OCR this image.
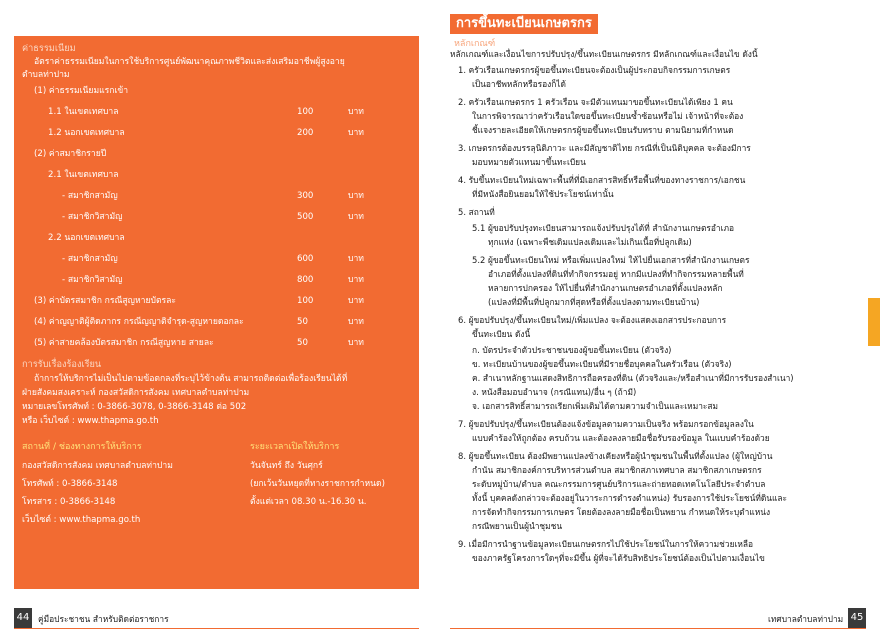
ค่าธรรมเนียม
อัตราค่าธรรมเนียมในการใช้บริการศูนย์พัฒนาคุณภาพชีวิตและส่งเสริมอาชีพผู้สูงอายุ
ตำบลท่าปาม
(1) ค่าธรรมเนียมแรกเข้า
1.1 ในเขตเทศบาล	100	บาท
1.2 นอกเขตเทศบาล	200	บาท
(2) ค่าสมาชิกรายปี
2.1 ในเขตเทศบาล
- สมาชิกสามัญ	300	บาท
- สมาชิกวิสามัญ	500	บาท
2.2 นอกเขตเทศบาล
- สมาชิกสามัญ	600	บาท
- สมาชิกวิสามัญ	800	บาท
(3) ค่าบัตรสมาชิก กรณีสูญหายบัตรละ	100	บาท
(4) ค่าญญาติผู้ติดภากร กรณีญญาติจำรุด-สูญหายดอกละ	50	บาท
(5) ค่าสายคล้องบัตรสมาชิก กรณีสูญหาย สายละ	50	บาท
การรับเรื่องร้องเรียน
ถ้าการให้บริการไม่เป็นไปตามข้อตกลงที่ระบุไว้ข้างต้น สามารถติดต่อเพื่อร้องเรียนได้ที่
ฝ่ายสังคมสงเคราะห์ กองสวัสดิการสังคม เทศบาลตำบลท่าปาม
หมายเลขโทรศัพท์ : 0-3866-3078, 0-3866-3148 ต่อ 502
หรือ เว็บไซต์ : www.thapma.go.th
สถานที่ / ช่องทางการให้บริการ
กองสวัสดิการสังคม เทศบาลตำบลท่าปาม
โทรศัพท์ : 0-3866-3148
โทรสาร : 0-3866-3148
เว็บไซต์ : www.thapma.go.th
ระยะเวลาเปิดให้บริการ
วันจันทร์ ถึง วันศุกร์
(ยกเว้นวันหยุดที่ทางราชการกำหนด)
ตั้งแต่เวลา 08.30 น.-16.30 น.
การขึ้นทะเบียนเกษตรกร
หลักเกณฑ์
หลักเกณฑ์และเงื่อนไขการปรับปรุง/ขึ้นทะเบียนเกษตรกร มีหลักเกณฑ์และเงื่อนไข ดังนี้
1. ครัวเรือนเกษตรกรผู้ขอขึ้นทะเบียนจะต้องเป็นผู้ประกอบกิจกรรมการเกษตร
เป็นอาชีพหลักหรือรองก็ได้
2. ครัวเรือนเกษตรกร 1 ครัวเรือน จะมีตัวแทนมาขอขึ้นทะเบียนได้เพียง 1 คน
ในการพิจารณาว่าครัวเรือนใดขอขึ้นทะเบียนซ้ำซ้อนหรือไม่ เจ้าหน้าที่จะต้อง
ชี้แจงรายละเอียดให้เกษตรกรผู้ขอขึ้นทะเบียนรับทราบ ตามนิยามที่กำหนด
3. เกษตรกรต้องบรรลุนิติภาวะ และมีสัญชาติไทย กรณีที่เป็นนิติบุคคล จะต้องมีการ
มอบหมายตัวแทนมาขึ้นทะเบียน
4. รับขึ้นทะเบียนใหม่เฉพาะพื้นที่ที่มีเอกสารสิทธิ์หรือพื้นที่ของทางราชการ/เอกชน
ที่มีหนังสือยินยอมให้ใช้ประโยชน์เท่านั้น
5. สถานที่
5.1 ผู้ขอปรับปรุงทะเบียนสามารถแจ้งปรับปรุงได้ที่ สำนักงานเกษตรอำเภอ
ทุกแห่ง (เฉพาะพืชเดิมแปลงเดิมและไม่เกินเนื้อที่ปลูกเดิม)
5.2 ผู้ขอขึ้นทะเบียนใหม่ หรือเพิ่มแปลงใหม่ ให้ไปยื่นเอกสารที่สำนักงานเกษตร
อำเภอที่ตั้งแปลงที่ดินที่ทำกิจกรรมอยู่ หากมีแปลงที่ทำกิจกรรมหลายพื้นที่
หลายการปกครอง ให้ไปยื่นที่สำนักงานเกษตรอำเภอที่ตั้งแปลงหลัก
(แปลงที่มีพื้นที่ปลูกมากที่สุดหรือที่ตั้งแปลงตามทะเบียนบ้าน)
6. ผู้ขอปรับปรุง/ขึ้นทะเบียนใหม่/เพิ่มแปลง จะต้องแสดงเอกสารประกอบการ
ขึ้นทะเบียน ดังนี้
ก. บัตรประจำตัวประชาชนของผู้ขอขึ้นทะเบียน (ตัวจริง)
ข. ทะเบียนบ้านของผู้ขอขึ้นทะเบียนที่มีรายชื่อบุคคลในครัวเรือน (ตัวจริง)
ค. สำเนาหลักฐานแสดงสิทธิการถือครองที่ดิน (ตัวจริงและ/หรือสำเนาที่มีการรับรองสำเนา)
ง. หนังสือมอบอำนาจ (กรณีแทน)/อื่น ๆ (ถ้ามี)
จ. เอกสารสิทธิ์สามารถเรียกเพิ่มเติมได้ตามความจำเป็นและเหมาะสม
7. ผู้ขอปรับปรุง/ขึ้นทะเบียนต้องแจ้งข้อมูลตามความเป็นจริง พร้อมกรอกข้อมูลลงใน
แบบคำร้องให้ถูกต้อง ครบถ้วน และต้องลงลายมือชื่อรับรองข้อมูล ในแบบคำร้องด้วย
8. ผู้ขอขึ้นทะเบียน ต้องมีพยานแปลงข้างเคียงหรือผู้นำชุมชนในพื้นที่ตั้งแปลง (ผู้ใหญ่บ้าน
กำนัน สมาชิกองค์การบริหารส่วนตำบล สมาชิกสภาเทศบาล สมาชิกสภาเกษตรกร
ระดับหมู่บ้าน/ตำบล คณะกรรมการศูนย์บริการและถ่ายทอดเทคโนโลยีประจำตำบล
ทั้งนี้ บุคคลดังกล่าวจะต้องอยู่ในวาระการดำรงตำแหน่ง) รับรองการใช้ประโยชน์ที่ดินและ
การจัดทำกิจกรรมการเกษตร โดยต้องลงลายมือชื่อเป็นพยาน กำหนดให้ระบุตำแหน่ง
กรณีพยานเป็นผู้นำชุมชน
9. เมื่อมีการนำฐานข้อมูลทะเบียนเกษตรกรไปใช้ประโยชน์ในการให้ความช่วยเหลือ
ของภาครัฐโครงการใดๆที่จะมีขึ้น ผู้ที่จะได้รับสิทธิประโยชน์ต้องเป็นไปตามเงื่อนไข
44	คู่มือประชาชน สำหรับติดต่อราชการ	เทศบาลตำบลท่าปาม 45
